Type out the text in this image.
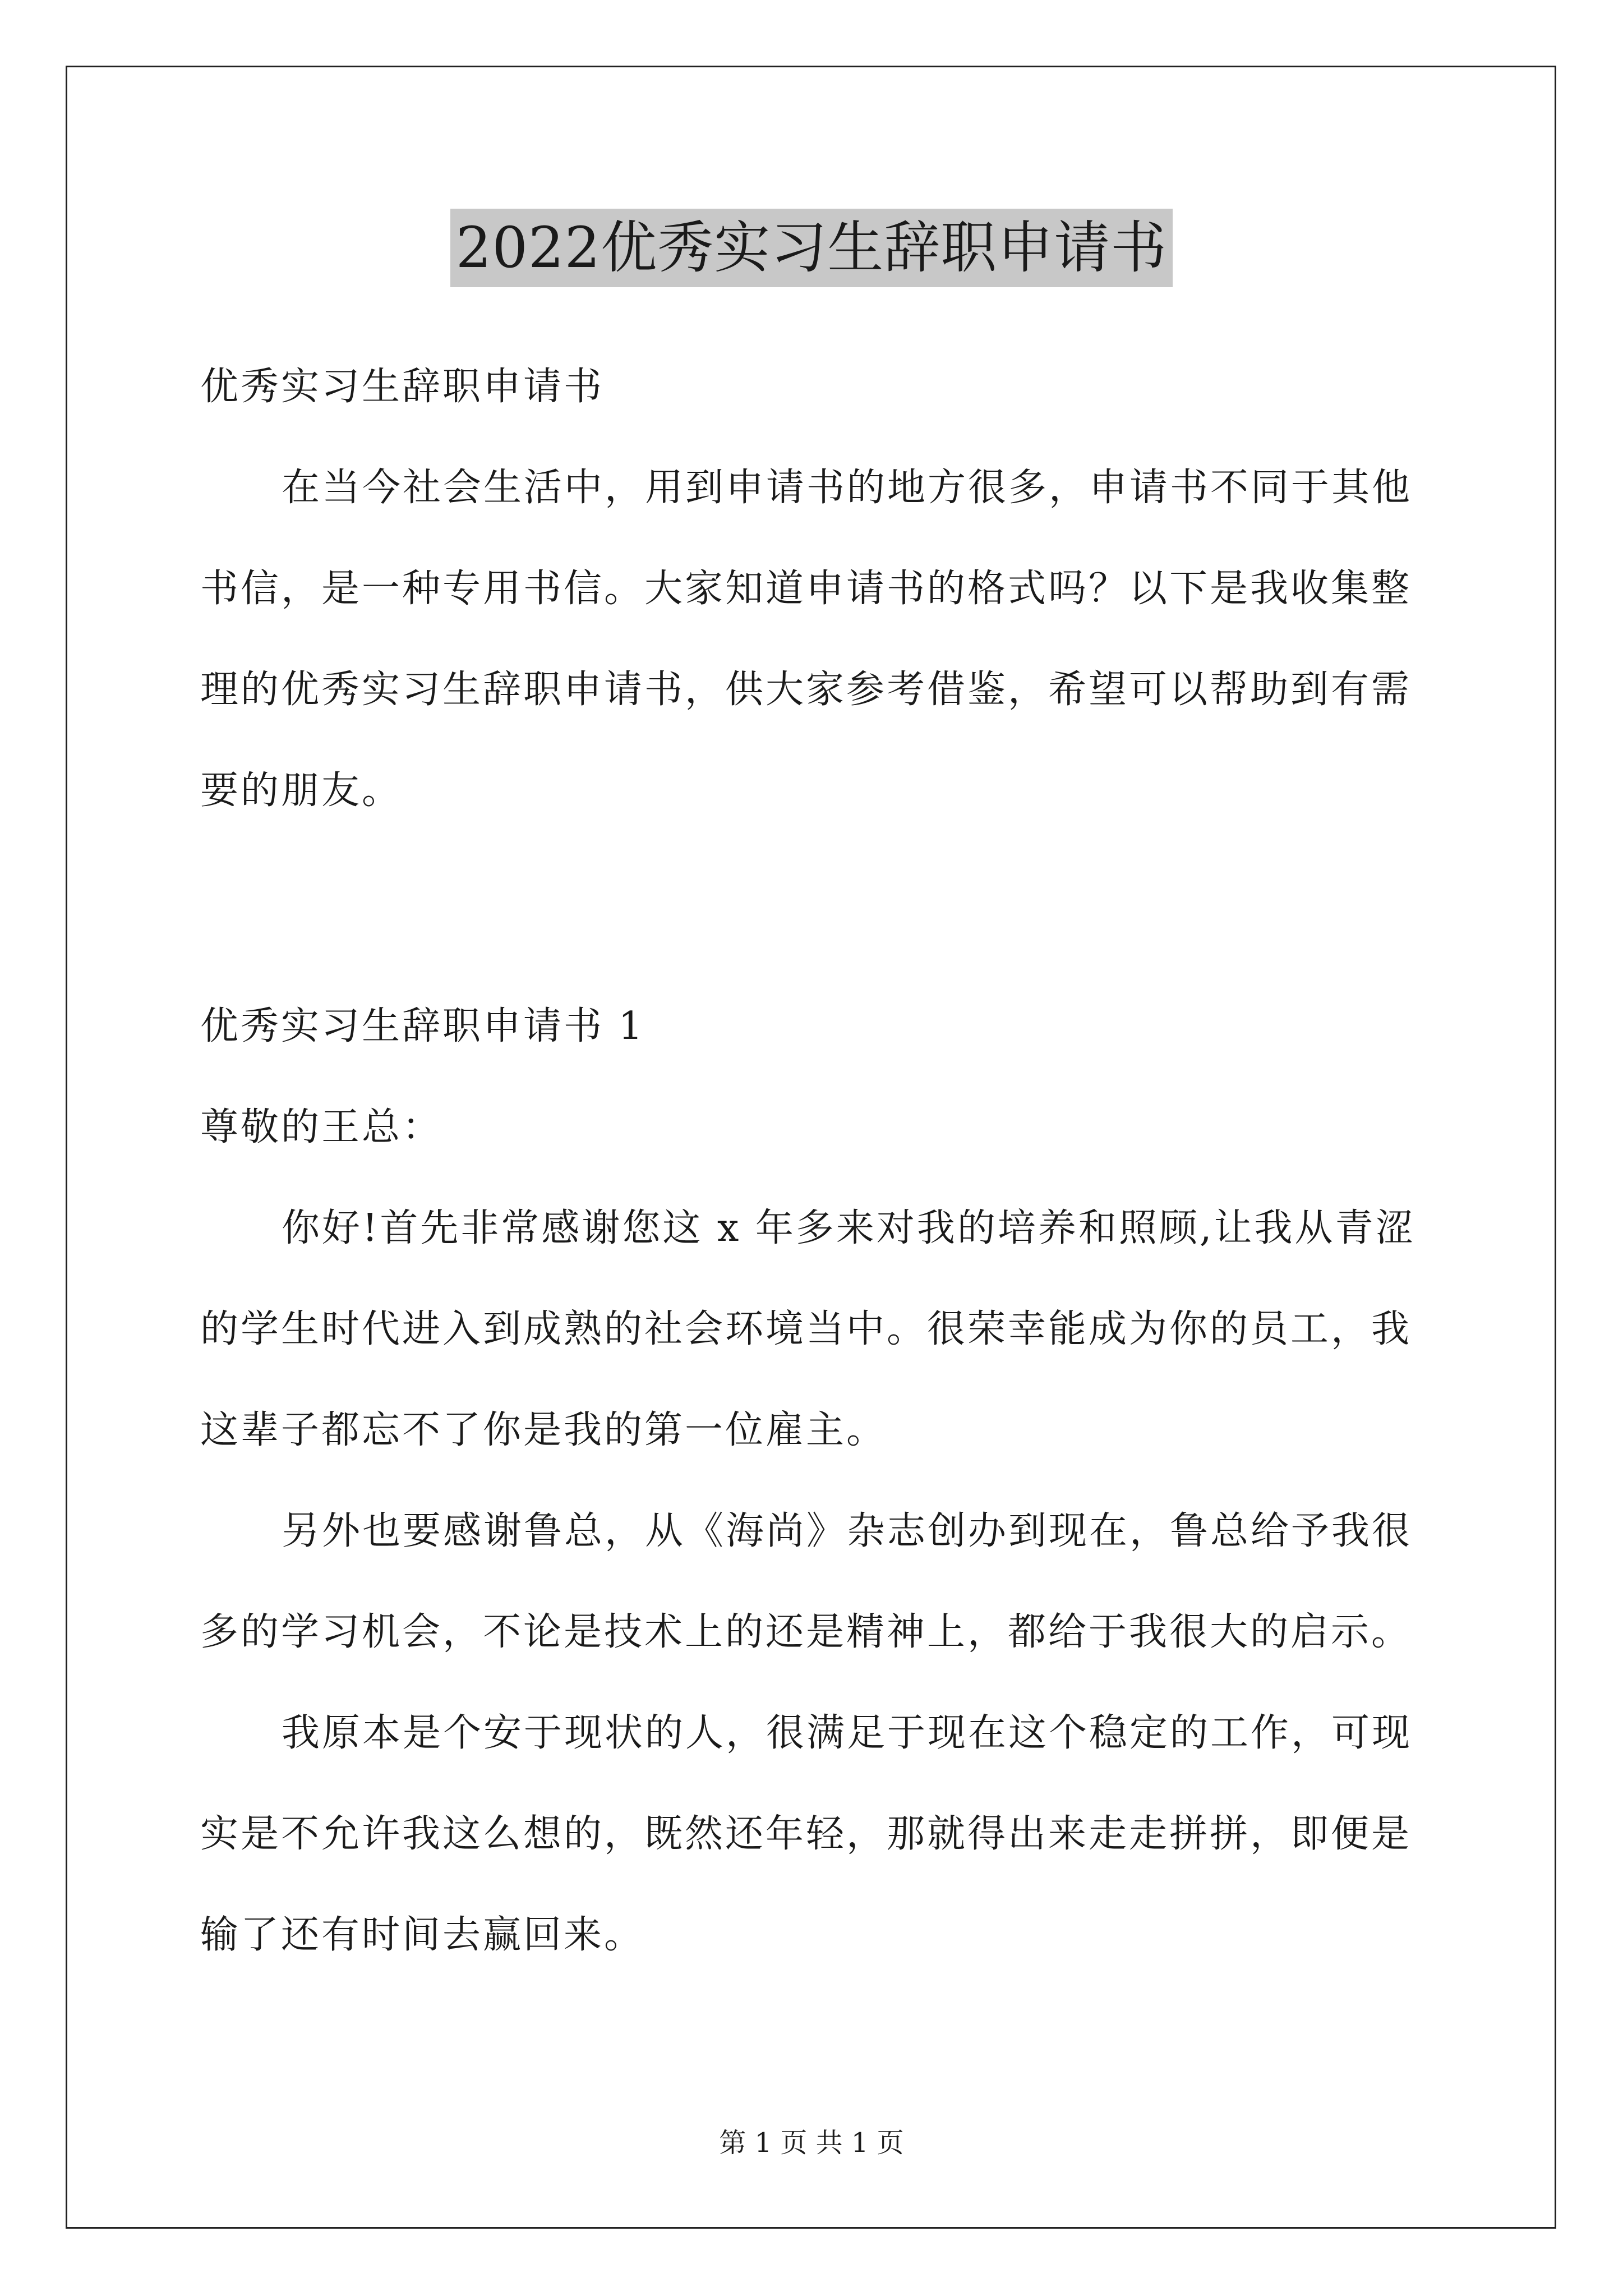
2022优秀实习生辞职申请书
优秀实习生辞职申请书
在当今社会生活中，用到申请书的地方很多，申请书不同于其他
书信，是一种专用书信。大家知道申请书的格式吗？以下是我收集整
理的优秀实习生辞职申请书，供大家参考借鉴，希望可以帮助到有需
要的朋友。
优秀实习生辞职申请书 1
尊敬的王总：
你好!首先非常感谢您这 x 年多来对我的培养和照顾,让我从青涩
的学生时代进入到成熟的社会环境当中。很荣幸能成为你的员工，我
这辈子都忘不了你是我的第一位雇主。
另外也要感谢鲁总，从《海尚》杂志创办到现在，鲁总给予我很
多的学习机会，不论是技术上的还是精神上，都给于我很大的启示。
我原本是个安于现状的人，很满足于现在这个稳定的工作，可现
实是不允许我这么想的，既然还年轻，那就得出来走走拼拼，即便是
输了还有时间去赢回来。
第 1 页 共 1 页
